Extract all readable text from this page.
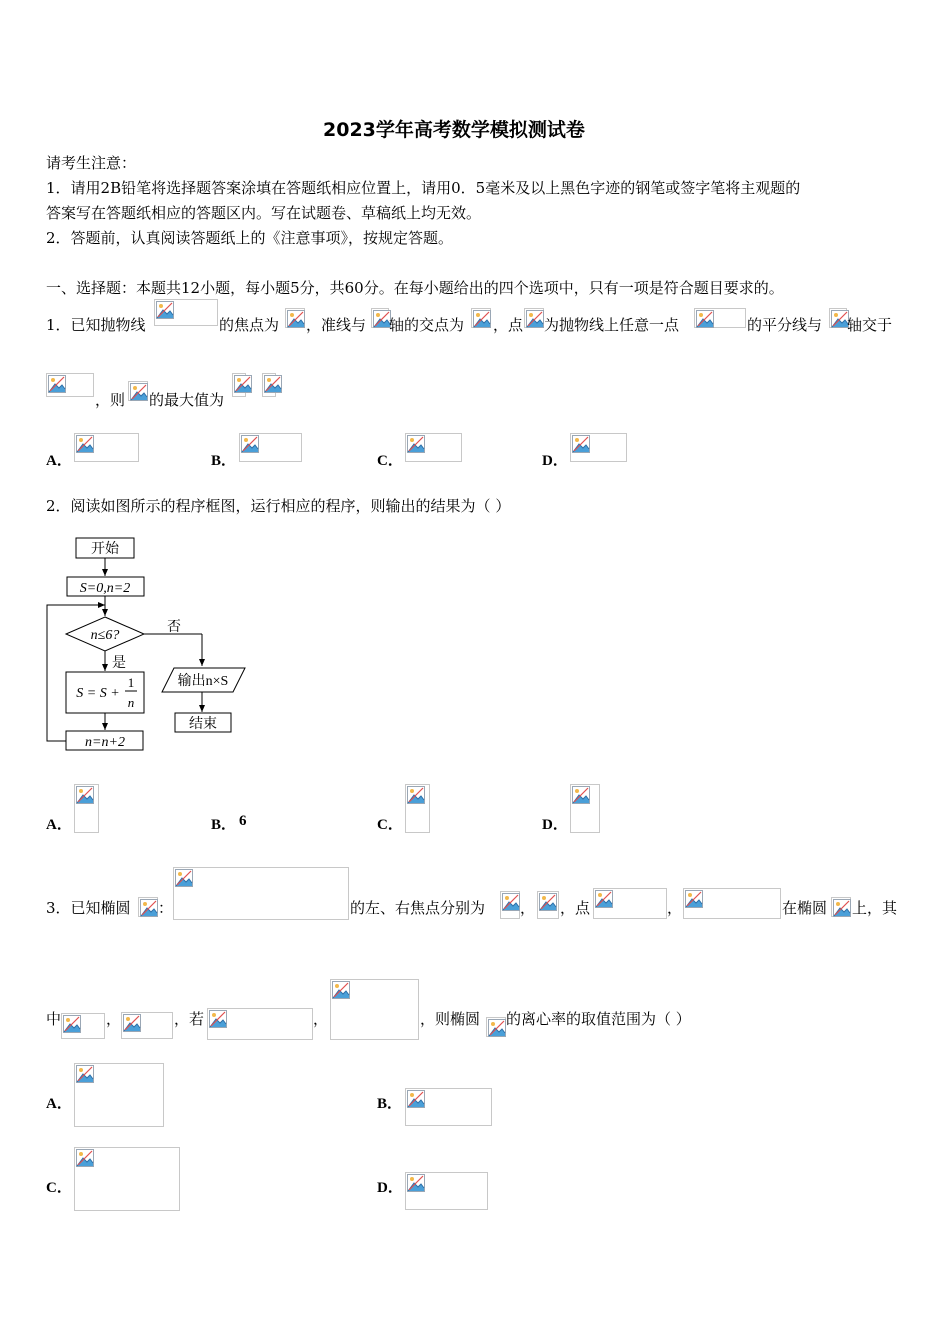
2023学年高考数学模拟测试卷
请考生注意：
1．请用2B铅笔将选择题答案涂填在答题纸相应位置上，请用0．5毫米及以上黑色字迹的钢笔或签字笔将主观题的
答案写在答题纸相应的答题区内。写在试题卷、草稿纸上均无效。
2．答题前，认真阅读答题纸上的《注意事项》，按规定答题。
一、选择题：本题共12小题，每小题5分，共60分。在每小题给出的四个选项中，只有一项是符合题目要求的。
1．已知抛物线	的焦点为 ，准线与 轴的交点为 ，点 为抛物线上任意一点	的平分线与 轴交于
，则 的最大值为
A．	B．	C．	D．
2．阅读如图所示的程序框图，运行相应的程序，则输出的结果为（ ）
开始
S=0,n=2
n≤6?
否
是
S = S +
1
n
n=n+2
输出n×S
结束
A．	B． 6	C．	D．
3．已知椭圆 ：	的左、右焦点分别为 ， ，点	，	在椭圆 上，其
中	，	，若	，	，则椭圆 的离心率的取值范围为（ ）
A．	B．
C．	D．
